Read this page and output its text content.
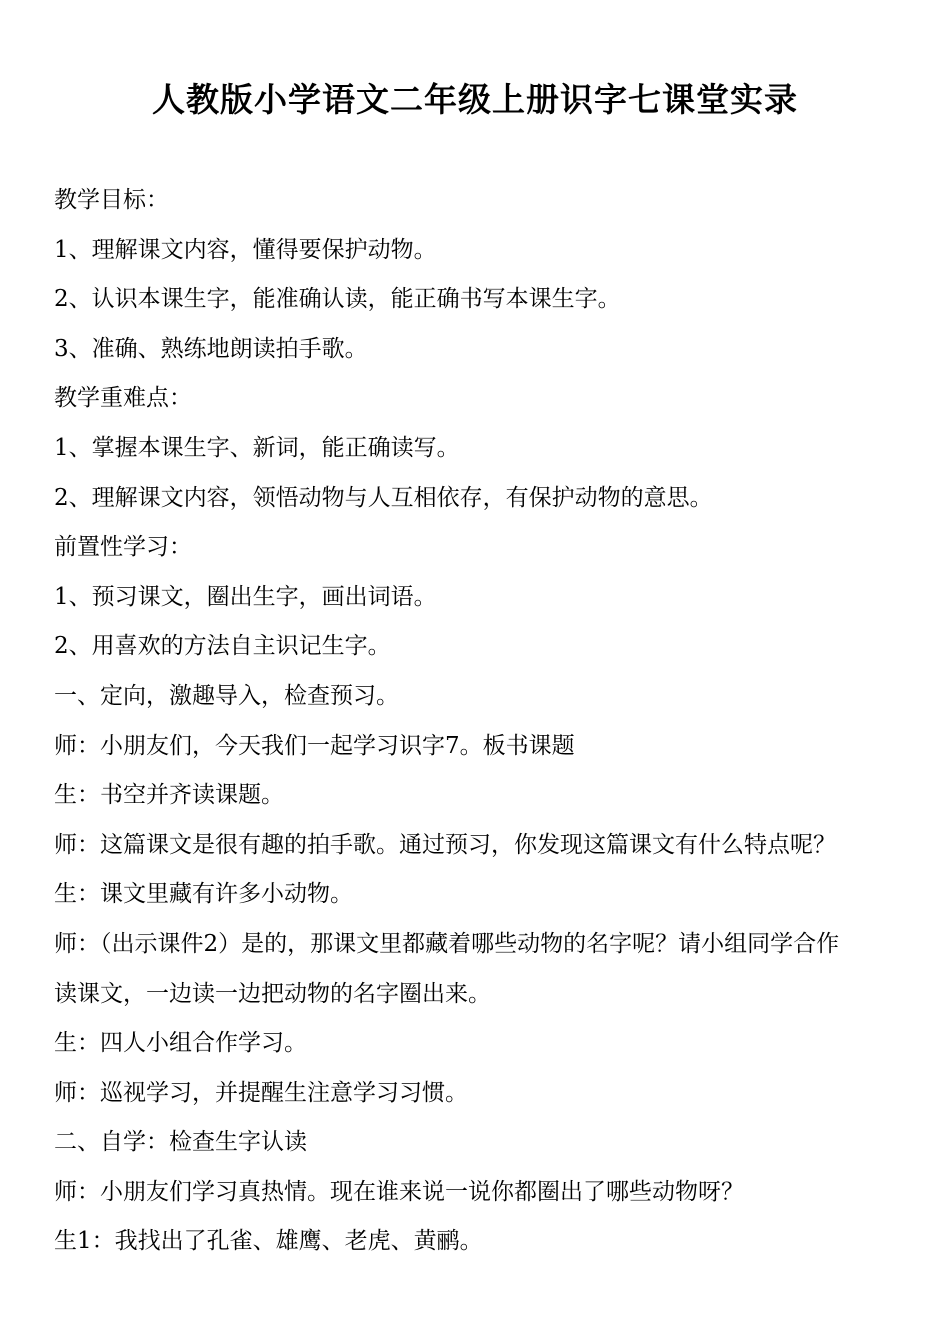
人教版小学语文二年级上册识字七课堂实录

教学目标：

1、理解课文内容，懂得要保护动物。

2、认识本课生字，能准确认读，能正确书写本课生字。

3、准确、熟练地朗读拍手歌。

教学重难点：

1、掌握本课生字、新词，能正确读写。

2、理解课文内容，领悟动物与人互相依存，有保护动物的意思。

前置性学习：

1、预习课文，圈出生字，画出词语。

2、用喜欢的方法自主识记生字。

一、定向，激趣导入，检查预习。

师：小朋友们，今天我们一起学习识字7。板书课题

生：书空并齐读课题。

师：这篇课文是很有趣的拍手歌。通过预习，你发现这篇课文有什么特点呢？

生：课文里藏有许多小动物。

师：（出示课件2）是的，那课文里都藏着哪些动物的名字呢？请小组同学合作

读课文，一边读一边把动物的名字圈出来。

生：四人小组合作学习。

师：巡视学习，并提醒生注意学习习惯。

二、自学：检查生字认读

师：小朋友们学习真热情。现在谁来说一说你都圈出了哪些动物呀？

生1：我找出了孔雀、雄鹰、老虎、黄鹂。
